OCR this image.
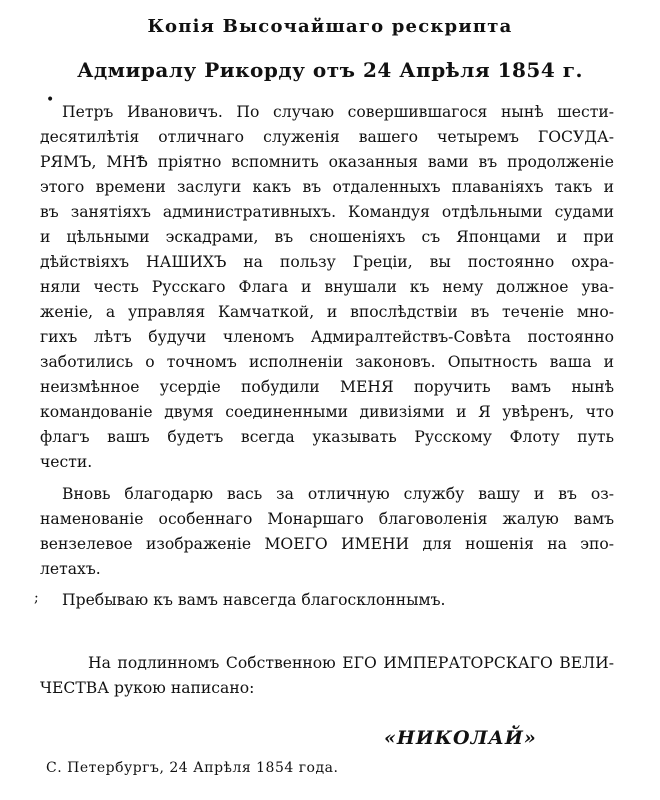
Копія Высочайшаго рескрипта
Адмиралу Рикорду отъ 24 Апрѣля 1854 г.
•
Петръ Ивановичъ. По случаю совершившагося нынѣ шести-
десятилѣтія отличнаго служенія вашего четыремъ ГОСУДА-
РЯМЪ, МНѢ пріятно вспомнить оказанныя вами въ продолженіе
этого времени заслуги какъ въ отдаленныхъ плаваніяхъ такъ и
въ занятіяхъ административныхъ. Командуя отдѣльными судами
и цѣльными эскадрами, въ сношеніяхъ съ Японцами и при
дѣйствіяхъ НАШИХЪ на пользу Греціи, вы постоянно охра-
няли честь Русскаго Флага и внушали къ нему должное ува-
женіе, а управляя Камчаткой, и впослѣдствіи въ теченіе мно-
гихъ лѣтъ будучи членомъ Адмиралтействъ-Совѣта постоянно
заботились о точномъ исполненіи законовъ. Опытность ваша и
неизмѣнное усердіе побудили МЕНЯ поручить вамъ нынѣ
командованіе двумя соединенными дивизіями и Я увѣренъ, что
флагъ вашъ будетъ всегда указывать Русскому Флоту путь
чести.
Вновь благодарю вась за отличную службу вашу и въ оз-
наменованіе особеннаго Монаршаго благоволенія жалую вамъ
вензелевое изображеніе МОЕГО ИМЕНИ для ношенія на эпо-
летахъ.
; Пребываю къ вамъ навсегда благосклоннымъ.
На подлинномъ Собственною ЕГО ИМПЕРАТОРСКАГО ВЕЛИ-
ЧЕСТВА рукою написано:
«НИКОЛАЙ»
С. Петербургъ, 24 Апрѣля 1854 года.
